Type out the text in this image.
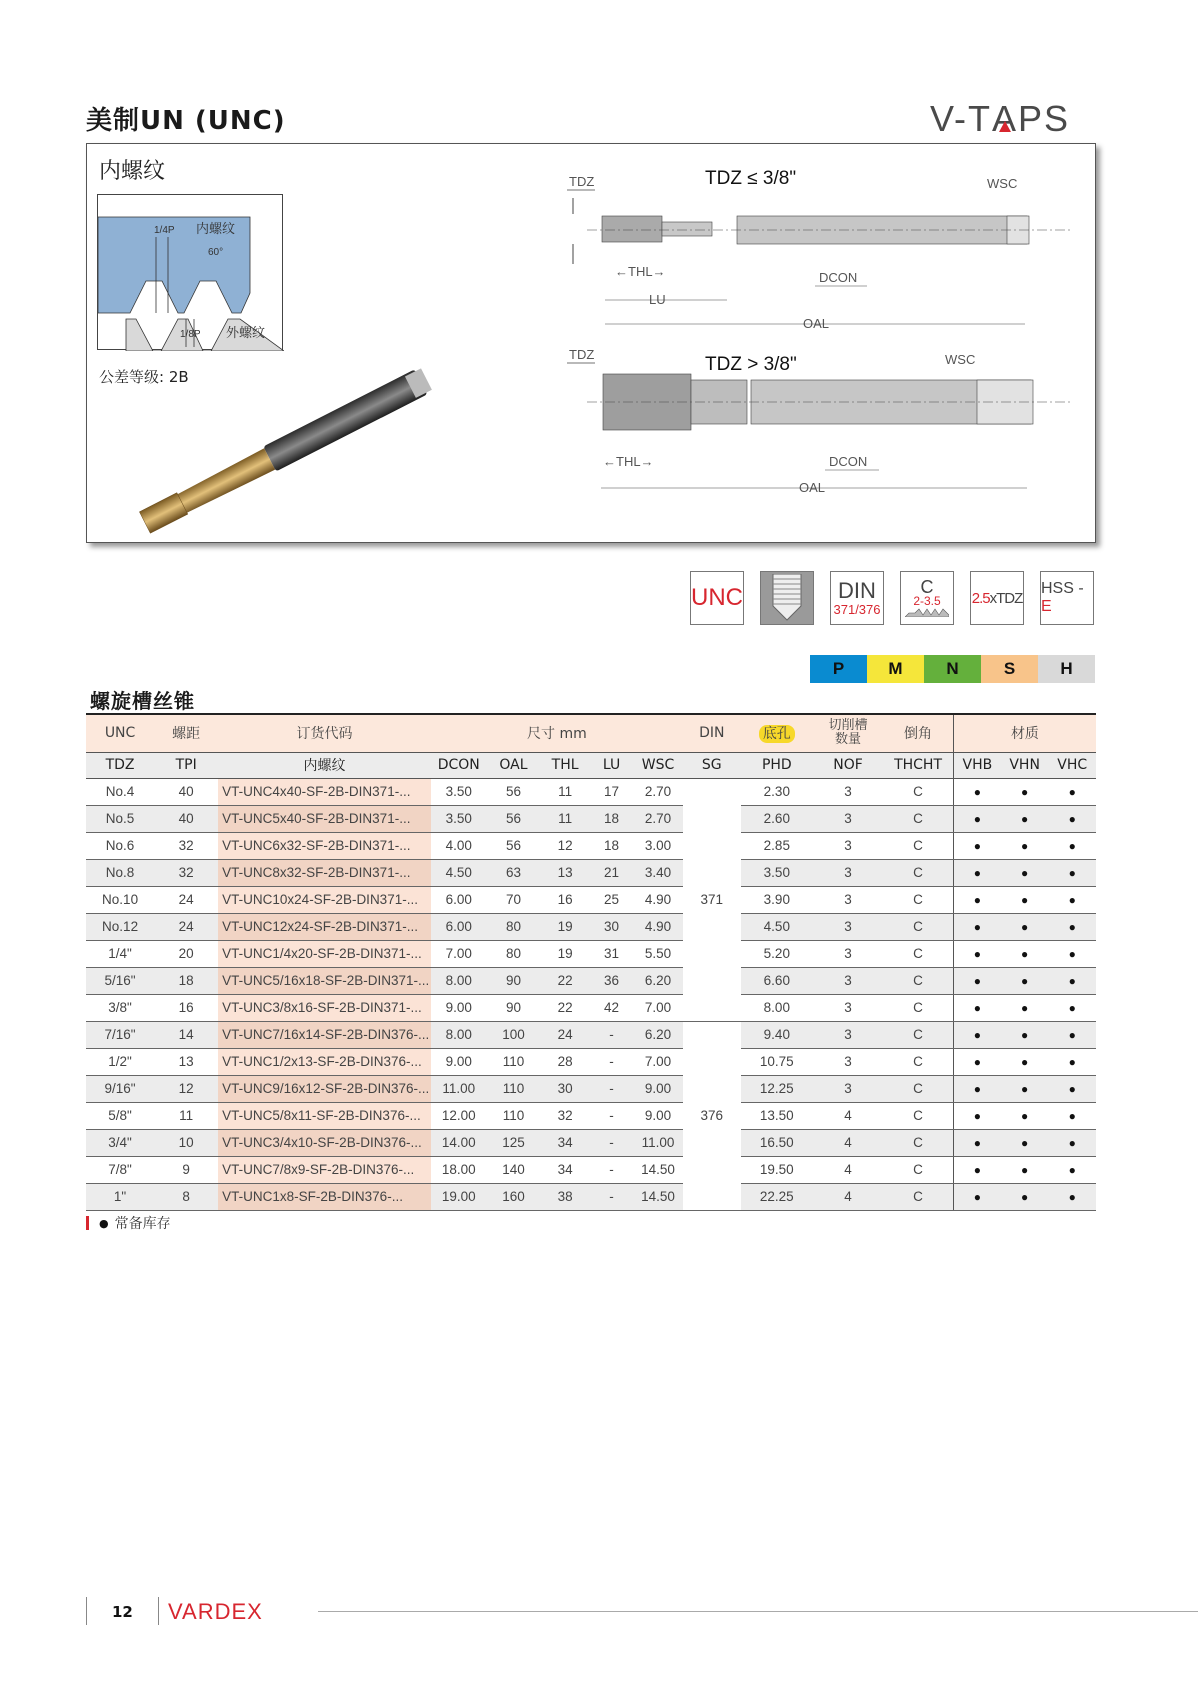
美制UN (UNC)	V-TAPS
内螺纹
1/4P 内螺纹
60°
1/8P 外螺纹
公差等级: 2B
TDZ	TDZ ≤ 3/8"	WSC
←THL→
LU
DCON
OAL
TDZ	TDZ > 3/8"	WSC
←THL→	DCON
OAL
UNC	DIN
371/376
C
2-3.5 2.5xTDZ
HSS -E
P	M	N	S	H
螺旋槽丝锥
UNC	螺距	订货代码	尺寸 mm					DIN	底孔	切削槽
数量	倒角	材质		
TDZ	TPI	内螺纹	DCON	OAL	THL	LU	WSC	SG	PHD	NOF	THCHT	VHB	VHN	VHC
No.4	40	VT-UNC4x40-SF-2B-DIN371-...	3.50	56	11	17	2.70	371	2.30	3	C	●	●	●
No.5	40	VT-UNC5x40-SF-2B-DIN371-...	3.50	56	11	18	2.70		2.60	3	C	●	●	●
No.6	32	VT-UNC6x32-SF-2B-DIN371-...	4.00	56	12	18	3.00		2.85	3	C	●	●	●
No.8	32	VT-UNC8x32-SF-2B-DIN371-...	4.50	63	13	21	3.40		3.50	3	C	●	●	●
No.10	24	VT-UNC10x24-SF-2B-DIN371-...	6.00	70	16	25	4.90		3.90	3	C	●	●	●
No.12	24	VT-UNC12x24-SF-2B-DIN371-...	6.00	80	19	30	4.90		4.50	3	C	●	●	●
1/4"	20	VT-UNC1/4x20-SF-2B-DIN371-...	7.00	80	19	31	5.50		5.20	3	C	●	●	●
5/16"	18	VT-UNC5/16x18-SF-2B-DIN371-...	8.00	90	22	36	6.20		6.60	3	C	●	●	●
3/8"	16	VT-UNC3/8x16-SF-2B-DIN371-...	9.00	90	22	42	7.00		8.00	3	C	●	●	●
7/16"	14	VT-UNC7/16x14-SF-2B-DIN376-...	8.00	100	24	-	6.20	376	9.40	3	C	●	●	●
1/2"	13	VT-UNC1/2x13-SF-2B-DIN376-...	9.00	110	28	-	7.00		10.75	3	C	●	●	●
9/16"	12	VT-UNC9/16x12-SF-2B-DIN376-...	11.00	110	30	-	9.00		12.25	3	C	●	●	●
5/8"	11	VT-UNC5/8x11-SF-2B-DIN376-...	12.00	110	32	-	9.00		13.50	4	C	●	●	●
3/4"	10	VT-UNC3/4x10-SF-2B-DIN376-...	14.00	125	34	-	11.00		16.50	4	C	●	●	●
7/8"	9	VT-UNC7/8x9-SF-2B-DIN376-...	18.00	140	34	-	14.50		19.50	4	C	●	●	●
1"	8	VT-UNC1x8-SF-2B-DIN376-...	19.00	160	38	-	14.50		22.25	4	C	●	●	●
● 常备库存
12 VARDEX
